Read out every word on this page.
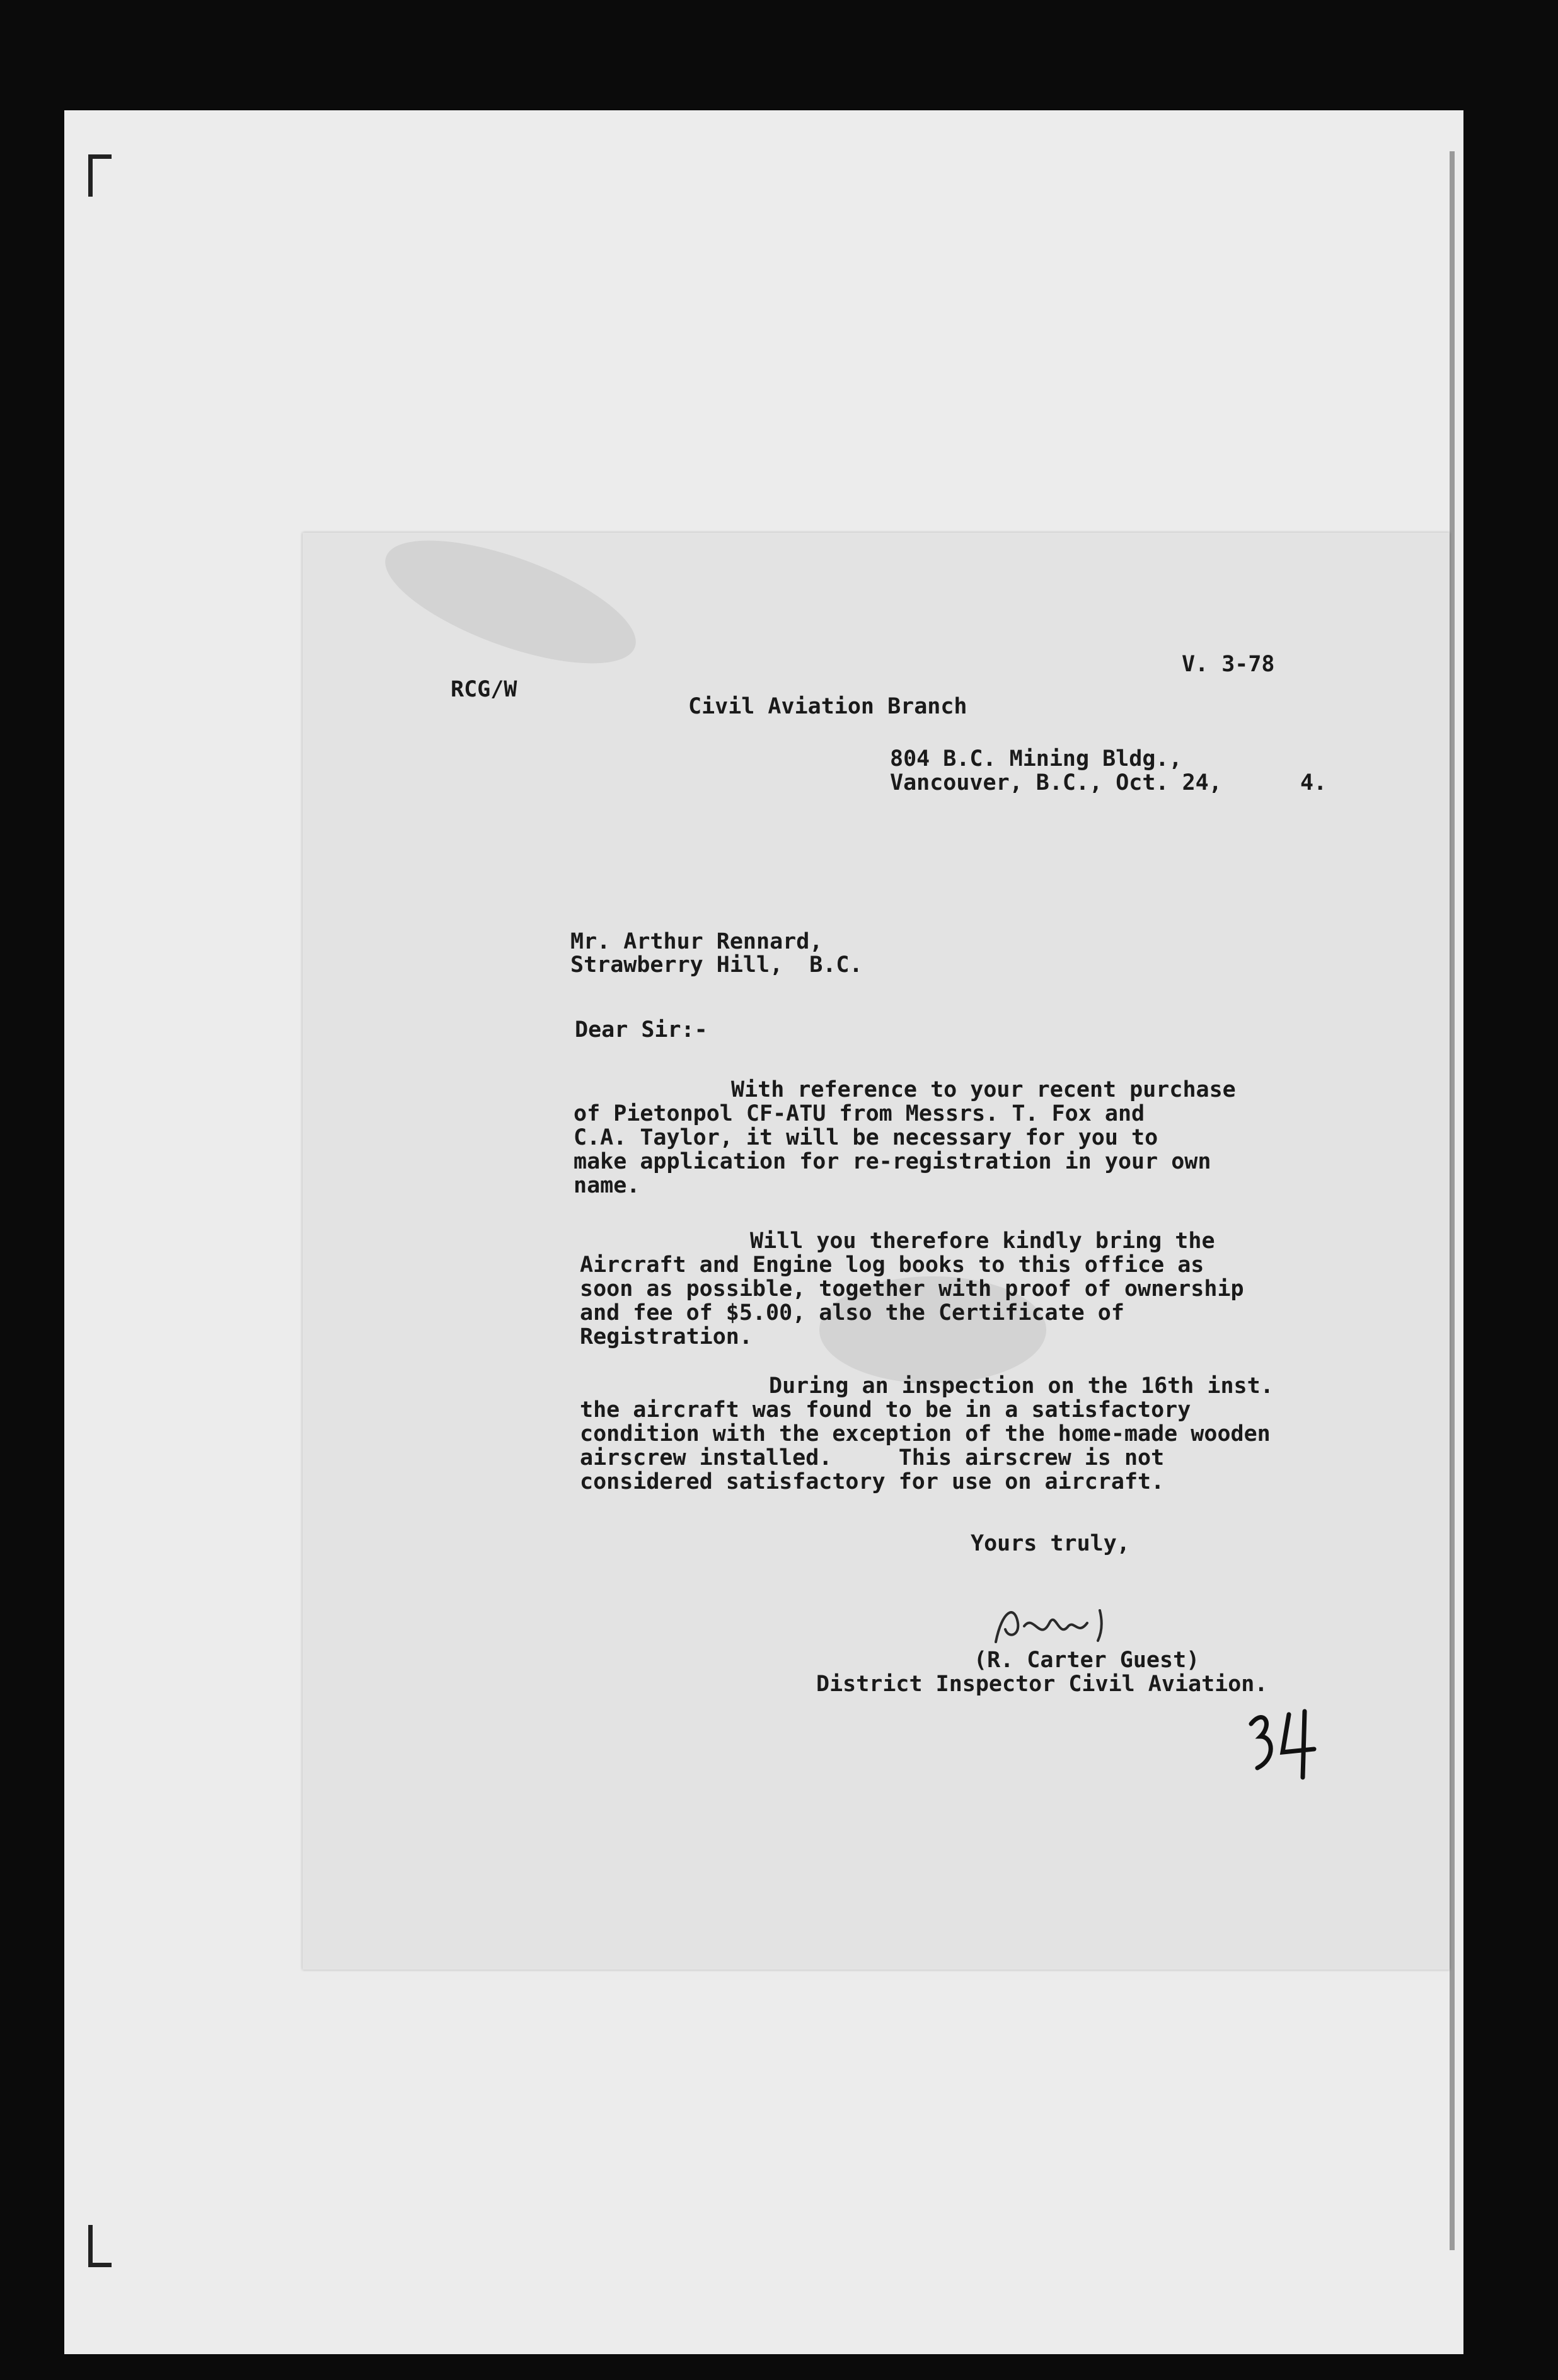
RCG/W
V. 3-78
Civil Aviation Branch
804 B.C. Mining Bldg.,
Vancouver, B.C., Oct. 24,	4.
Mr. Arthur Rennard,
Strawberry Hill,  B.C.
Dear Sir:-
With reference to your recent purchase
of Pietonpol CF-ATU from Messrs. T. Fox and
C.A. Taylor, it will be necessary for you to
make application for re-registration in your own
name.
Will you therefore kindly bring the
Aircraft and Engine log books to this office as
soon as possible, together with proof of ownership
and fee of $5.00, also the Certificate of
Registration.
During an inspection on the 16th inst.
the aircraft was found to be in a satisfactory
condition with the exception of the home-made wooden
airscrew installed.     This airscrew is not
considered satisfactory for use on aircraft.
Yours truly,
(R. Carter Guest)
District Inspector Civil Aviation.
